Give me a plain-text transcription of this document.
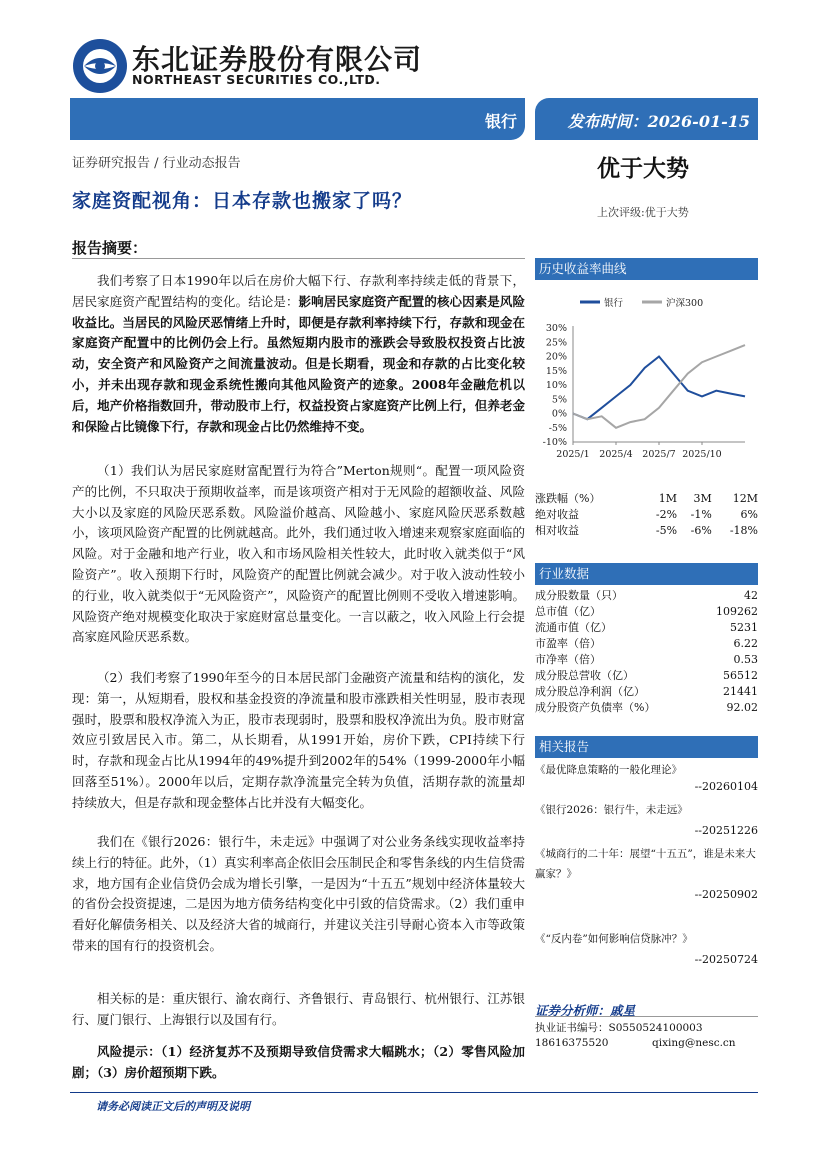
东北证券股份有限公司
NORTHEAST SECURITIES CO.,LTD.
银行	发布时间：2026-01-15
证券研究报告 / 行业动态报告
家庭资配视角：日本存款也搬家了吗？
优于大势
上次评级:优于大势
报告摘要：
我们考察了日本1990年以后在房价大幅下行、存款利率持续走低的背景下，居民家庭资产配置结构的变化。结论是：影响居民家庭资产配置的核心因素是风险收益比。当居民的风险厌恶情绪上升时，即便是存款利率持续下行，存款和现金在家庭资产配置中的比例仍会上行。虽然短期内股市的涨跌会导致股权投资占比波动，安全资产和风险资产之间流量波动。但是长期看，现金和存款的占比变化较小，并未出现存款和现金系统性搬向其他风险资产的迹象。2008年金融危机以后，地产价格指数回升，带动股市上行，权益投资占家庭资产比例上行，但养老金和保险占比镜像下行，存款和现金占比仍然维持不变。
（1）我们认为居民家庭财富配置行为符合”Merton规则“。配置一项风险资产的比例，不只取决于预期收益率，而是该项资产相对于无风险的超额收益、风险大小以及家庭的风险厌恶系数。风险溢价越高、风险越小、家庭风险厌恶系数越小，该项风险资产配置的比例就越高。此外，我们通过收入增速来观察家庭面临的风险。对于金融和地产行业，收入和市场风险相关性较大，此时收入就类似于“风险资产”。收入预期下行时，风险资产的配置比例就会减少。对于收入波动性较小的行业，收入就类似于“无风险资产”，风险资产的配置比例则不受收入增速影响。风险资产绝对规模变化取决于家庭财富总量变化。一言以蔽之，收入风险上行会提高家庭风险厌恶系数。
（2）我们考察了1990年至今的日本居民部门金融资产流量和结构的演化，发现：第一，从短期看，股权和基金投资的净流量和股市涨跌相关性明显，股市表现强时，股票和股权净流入为正，股市表现弱时，股票和股权净流出为负。股市财富效应引致居民入市。第二，从长期看，从1991开始，房价下跌，CPI持续下行时，存款和现金占比从1994年的49%提升到2002年的54%（1999-2000年小幅回落至51%）。2000年以后，定期存款净流量完全转为负值，活期存款的流量却持续放大，但是存款和现金整体占比并没有大幅变化。
我们在《银行2026：银行牛，未走远》中强调了对公业务条线实现收益率持续上行的特征。此外，（1）真实利率高企依旧会压制民企和零售条线的内生信贷需求，地方国有企业信贷仍会成为增长引擎，一是因为“十五五”规划中经济体量较大的省份会投资提速，二是因为地方债务结构变化中引致的信贷需求。（2）我们重申看好化解债务相关、以及经济大省的城商行，并建议关注引导耐心资本入市等政策带来的国有行的投资机会。
相关标的是：重庆银行、渝农商行、齐鲁银行、青岛银行、杭州银行、江苏银行、厦门银行、上海银行以及国有行。
风险提示：（1）经济复苏不及预期导致信贷需求大幅跳水；（2）零售风险加剧；（3）房价超预期下跌。
历史收益率曲线
银行	沪深300
30%
25%
20%
15%
10%
5%
0%
-5%
-10%
2025/1 2025/4 2025/7 2025/10
涨跌幅（%）	1M	3M	12M
绝对收益	-2%	-1%	6%
相对收益	-5%	-6%	-18%
行业数据
成分股数量（只）	42
总市值（亿）	109262
流通市值（亿）	5231
市盈率（倍）	6.22
市净率（倍）	0.53
成分股总营收（亿）	56512
成分股总净利润（亿）	21441
成分股资产负债率（%）	92.02
相关报告
《最优降息策略的一般化理论》
--20260104
《银行2026：银行牛，未走远》
--20251226
《城商行的二十年：展望“十五五”，谁是未来大赢家？》
--20250902
《“反内卷”如何影响信贷脉冲？》
--20250724
证券分析师：戚星
执业证书编号：S0550524100003
18616375520	qixing@nesc.cn
请务必阅读正文后的声明及说明
